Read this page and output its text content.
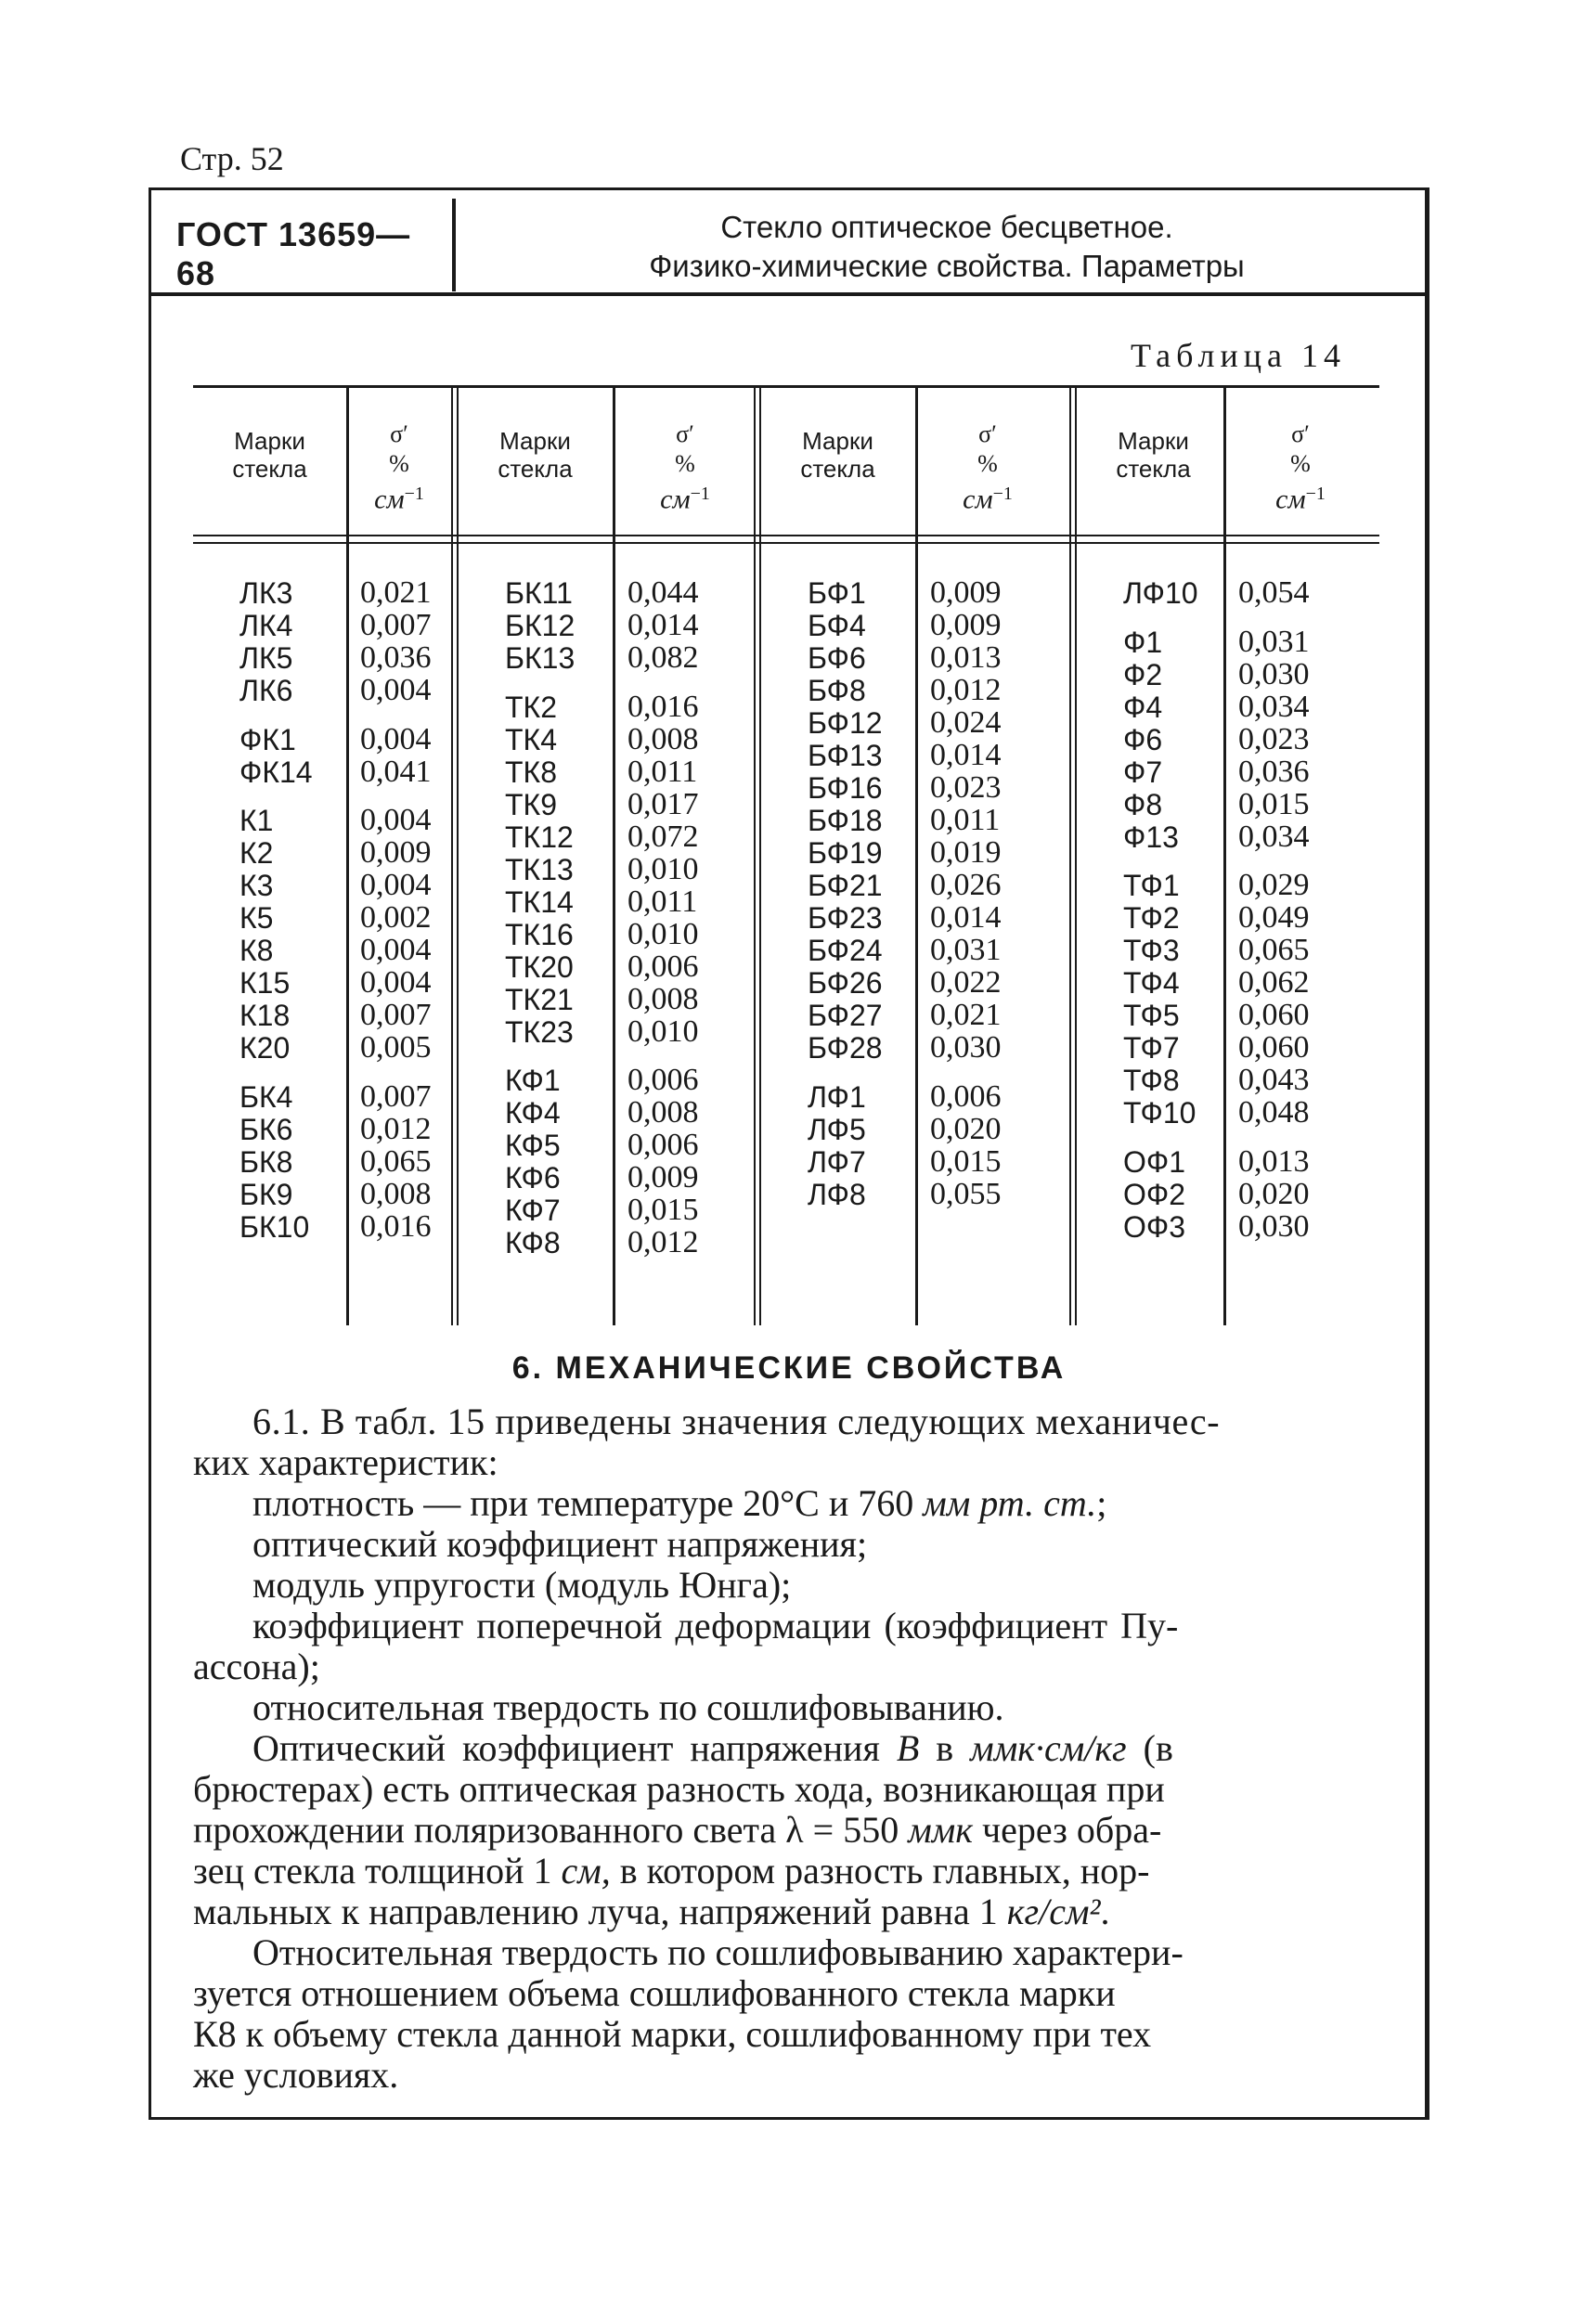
Стр. 52
ГОСТ 13659—68
Стекло оптическое бесцветное.
Физико-химические свойства. Параметры
Таблица 14
Марки
стекла
σ′
%
$см^{-1}$
ЛК3 0,021
ЛК4 0,007
ЛК5 0,036
ЛК6 0,004
ФК1 0,004
ФК14 0,041
К1	0,004
К2	0,009
К3	0,004
К5	0,002
К8	0,004
К15 0,004
К18 0,007
К20 0,005
БК4 0,007
БК6 0,012
БК8 0,065
БК9 0,008
БК10 0,016
Марки
стекла
σ′
%
$см^{-1}$
БК11 0,044
БК12 0,014
БК13 0,082
ТК2 0,016
ТК4 0,008
ТК8 0,011
ТК9 0,017
ТК12 0,072
ТК13 0,010
ТК14 0,011
ТК16 0,010
ТК20 0,006
ТК21 0,008
ТК23 0,010
КФ1 0,006
КФ4 0,008
КФ5 0,006
КФ6 0,009
КФ7 0,015
КФ8 0,012
Марки
стекла
σ′
%
$см^{-1}$
БФ1 0,009
БФ4 0,009
БФ6 0,013
БФ8 0,012
БФ12 0,024
БФ13 0,014
БФ16 0,023
БФ18 0,011
БФ19 0,019
БФ21 0,026
БФ23 0,014
БФ24 0,031
БФ26 0,022
БФ27 0,021
БФ28 0,030
ЛФ1 0,006
ЛФ5 0,020
ЛФ7 0,015
ЛФ8 0,055
Марки
стекла
σ′
%
$см^{-1}$
ЛФ10 0,054
Ф1 0,031
Ф2 0,030
Ф4 0,034
Ф6 0,023
Ф7 0,036
Ф8 0,015
Ф13 0,034
ТФ1 0,029
ТФ2 0,049
ТФ3 0,065
ТФ4 0,062
ТФ5 0,060
ТФ7 0,060
ТФ8 0,043
ТФ10 0,048
ОФ1 0,013
ОФ2 0,020
ОФ3 0,030
6. МЕХАНИЧЕСКИЕ СВОЙСТВА
6.1. В табл. 15 приведены значения следующих механичес-
ких характеристик:
плотность — при температуре 20°С и 760 мм рт. ст.;
оптический коэффициент напряжения;
модуль упругости (модуль Юнга);
коэффициент поперечной деформации (коэффициент Пу-
ассона);
относительная твердость по сошлифовыванию.
Оптический коэффициент напряжения В в ммк·см/кг (в
брюстерах) есть оптическая разность хода, возникающая при
прохождении поляризованного света λ = 550 ммк через обра-
зец стекла толщиной 1 см, в котором разность главных, нор-
мальных к направлению луча, напряжений равна 1 кг/см².
Относительная твердость по сошлифовыванию характери-
зуется отношением объема сошлифованного стекла марки
К8 к объему стекла данной марки, сошлифованному при тех
же условиях.
